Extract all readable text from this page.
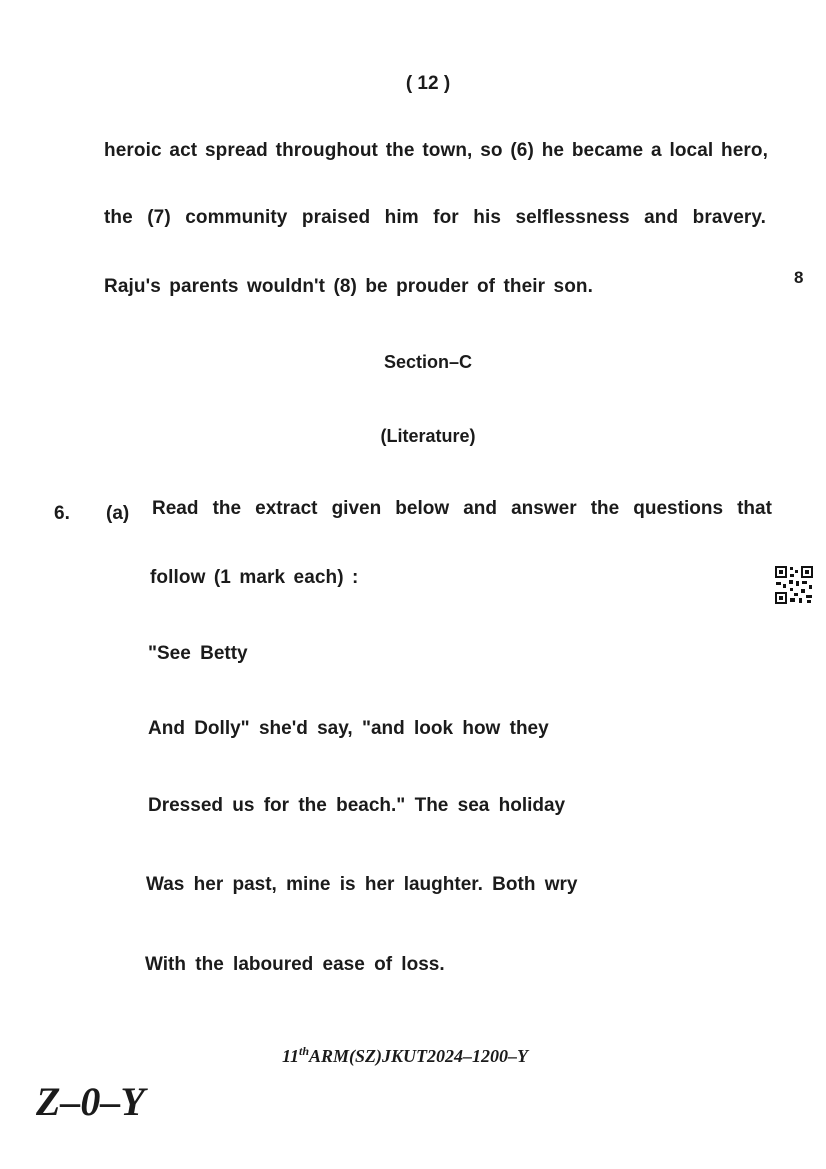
( 12 )
heroic act spread throughout the town, so (6) he became a local hero,
the (7) community praised him for his selflessness and bravery.
Raju's parents wouldn't (8) be prouder of their son.	8
Section–C
(Literature)
6. (a) Read the extract given below and answer the questions that
follow (1 mark each) :
"See Betty
And Dolly" she'd say, "and look how they
Dressed us for the beach." The sea holiday
Was her past, mine is her laughter. Both wry
With the laboured ease of loss.
11thARM(SZ)JKUT2024–1200–Y
Z–0–Y
